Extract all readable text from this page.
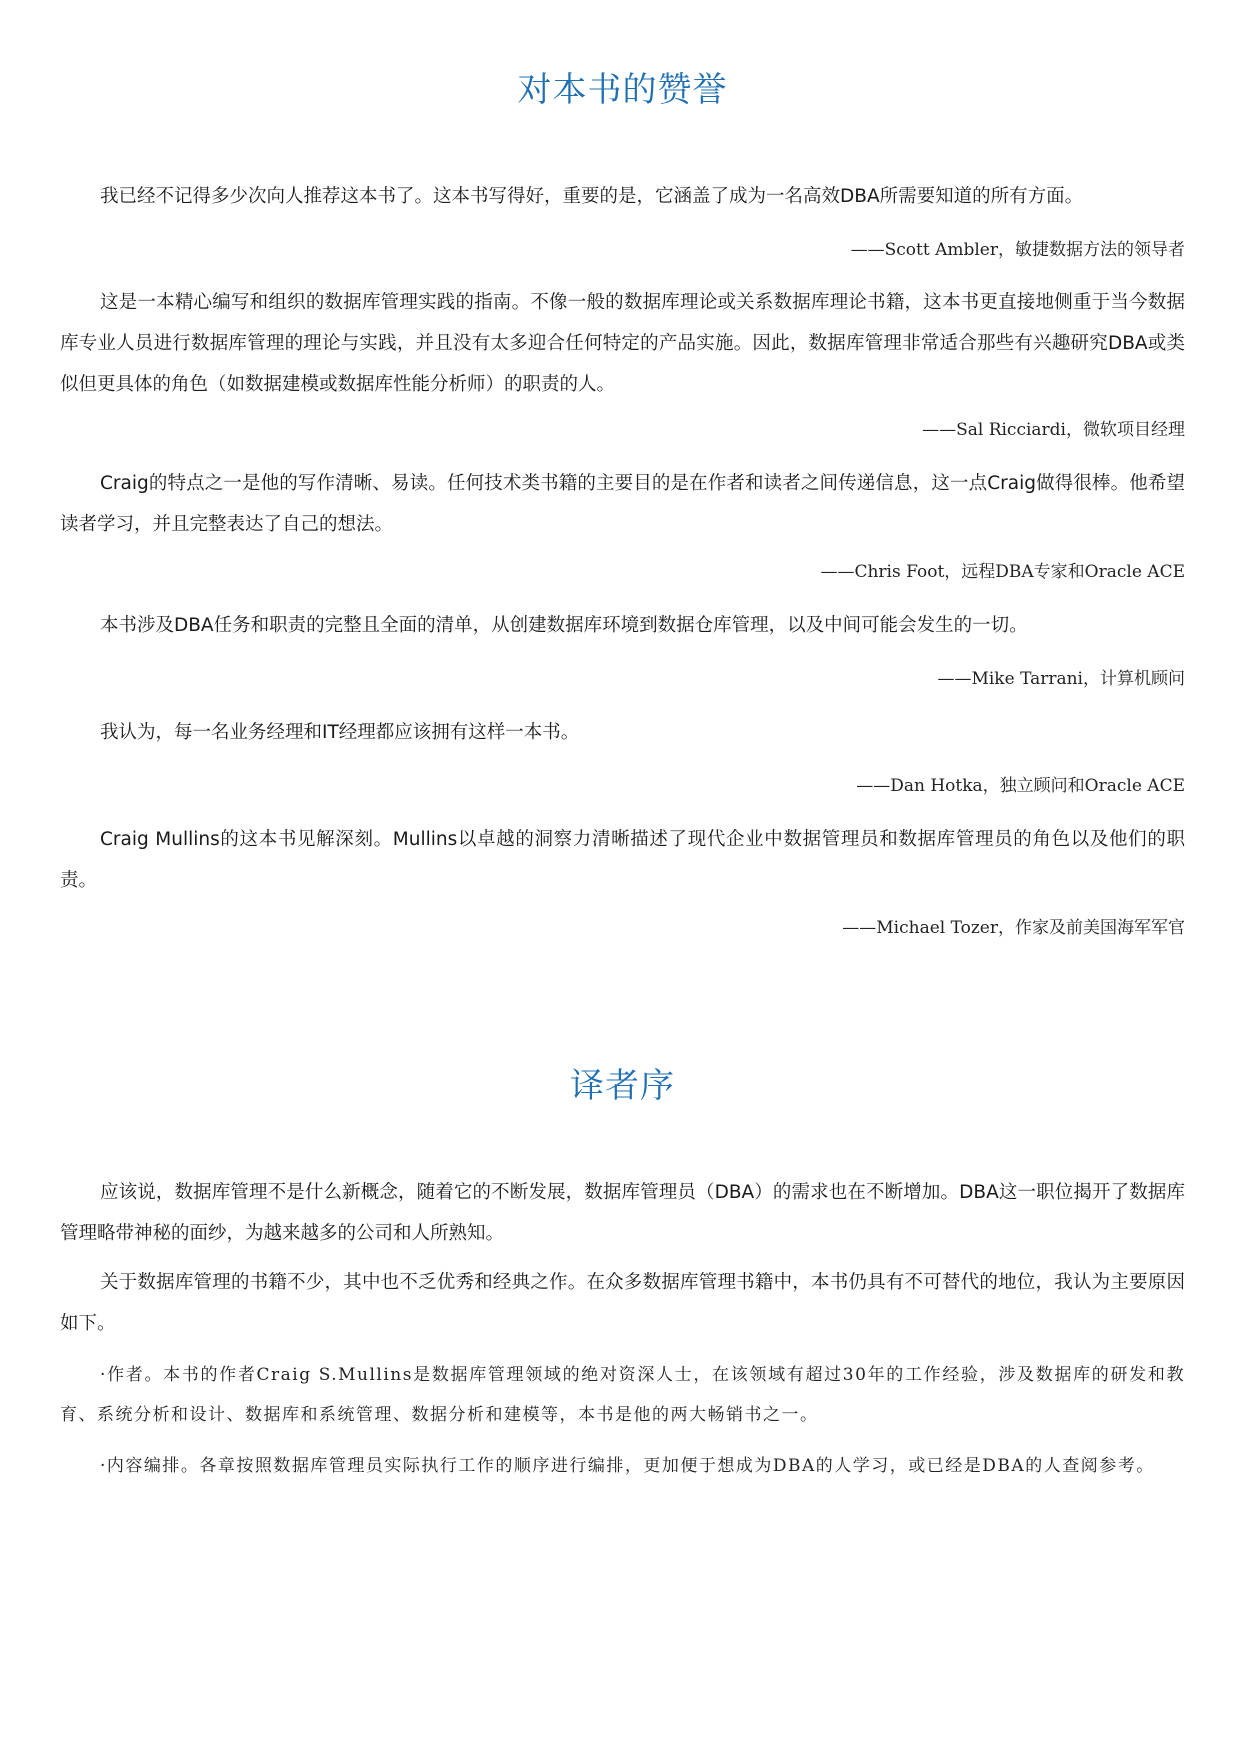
对本书的赞誉
我已经不记得多少次向人推荐这本书了。这本书写得好，重要的是，它涵盖了成为一名高效DBA所需要知道的所有方面。
——Scott Ambler，敏捷数据方法的领导者
这是一本精心编写和组织的数据库管理实践的指南。不像一般的数据库理论或关系数据库理论书籍，这本书更直接地侧重于当今数据库专业人员进行数据库管理的理论与实践，并且没有太多迎合任何特定的产品实施。因此，数据库管理非常适合那些有兴趣研究DBA或类似但更具体的角色（如数据建模或数据库性能分析师）的职责的人。
——Sal Ricciardi，微软项目经理
Craig的特点之一是他的写作清晰、易读。任何技术类书籍的主要目的是在作者和读者之间传递信息，这一点Craig做得很棒。他希望读者学习，并且完整表达了自己的想法。
——Chris Foot，远程DBA专家和Oracle ACE
本书涉及DBA任务和职责的完整且全面的清单，从创建数据库环境到数据仓库管理，以及中间可能会发生的一切。
——Mike Tarrani，计算机顾问
我认为，每一名业务经理和IT经理都应该拥有这样一本书。
——Dan Hotka，独立顾问和Oracle ACE
Craig Mullins的这本书见解深刻。Mullins以卓越的洞察力清晰描述了现代企业中数据管理员和数据库管理员的角色以及他们的职责。
——Michael Tozer，作家及前美国海军军官
译者序
应该说，数据库管理不是什么新概念，随着它的不断发展，数据库管理员（DBA）的需求也在不断增加。DBA这一职位揭开了数据库管理略带神秘的面纱，为越来越多的公司和人所熟知。
关于数据库管理的书籍不少，其中也不乏优秀和经典之作。在众多数据库管理书籍中，本书仍具有不可替代的地位，我认为主要原因如下。
·作者。本书的作者Craig S.Mullins是数据库管理领域的绝对资深人士，在该领域有超过30年的工作经验，涉及数据库的研发和教育、系统分析和设计、数据库和系统管理、数据分析和建模等，本书是他的两大畅销书之一。
·内容编排。各章按照数据库管理员实际执行工作的顺序进行编排，更加便于想成为DBA的人学习，或已经是DBA的人查阅参考。
